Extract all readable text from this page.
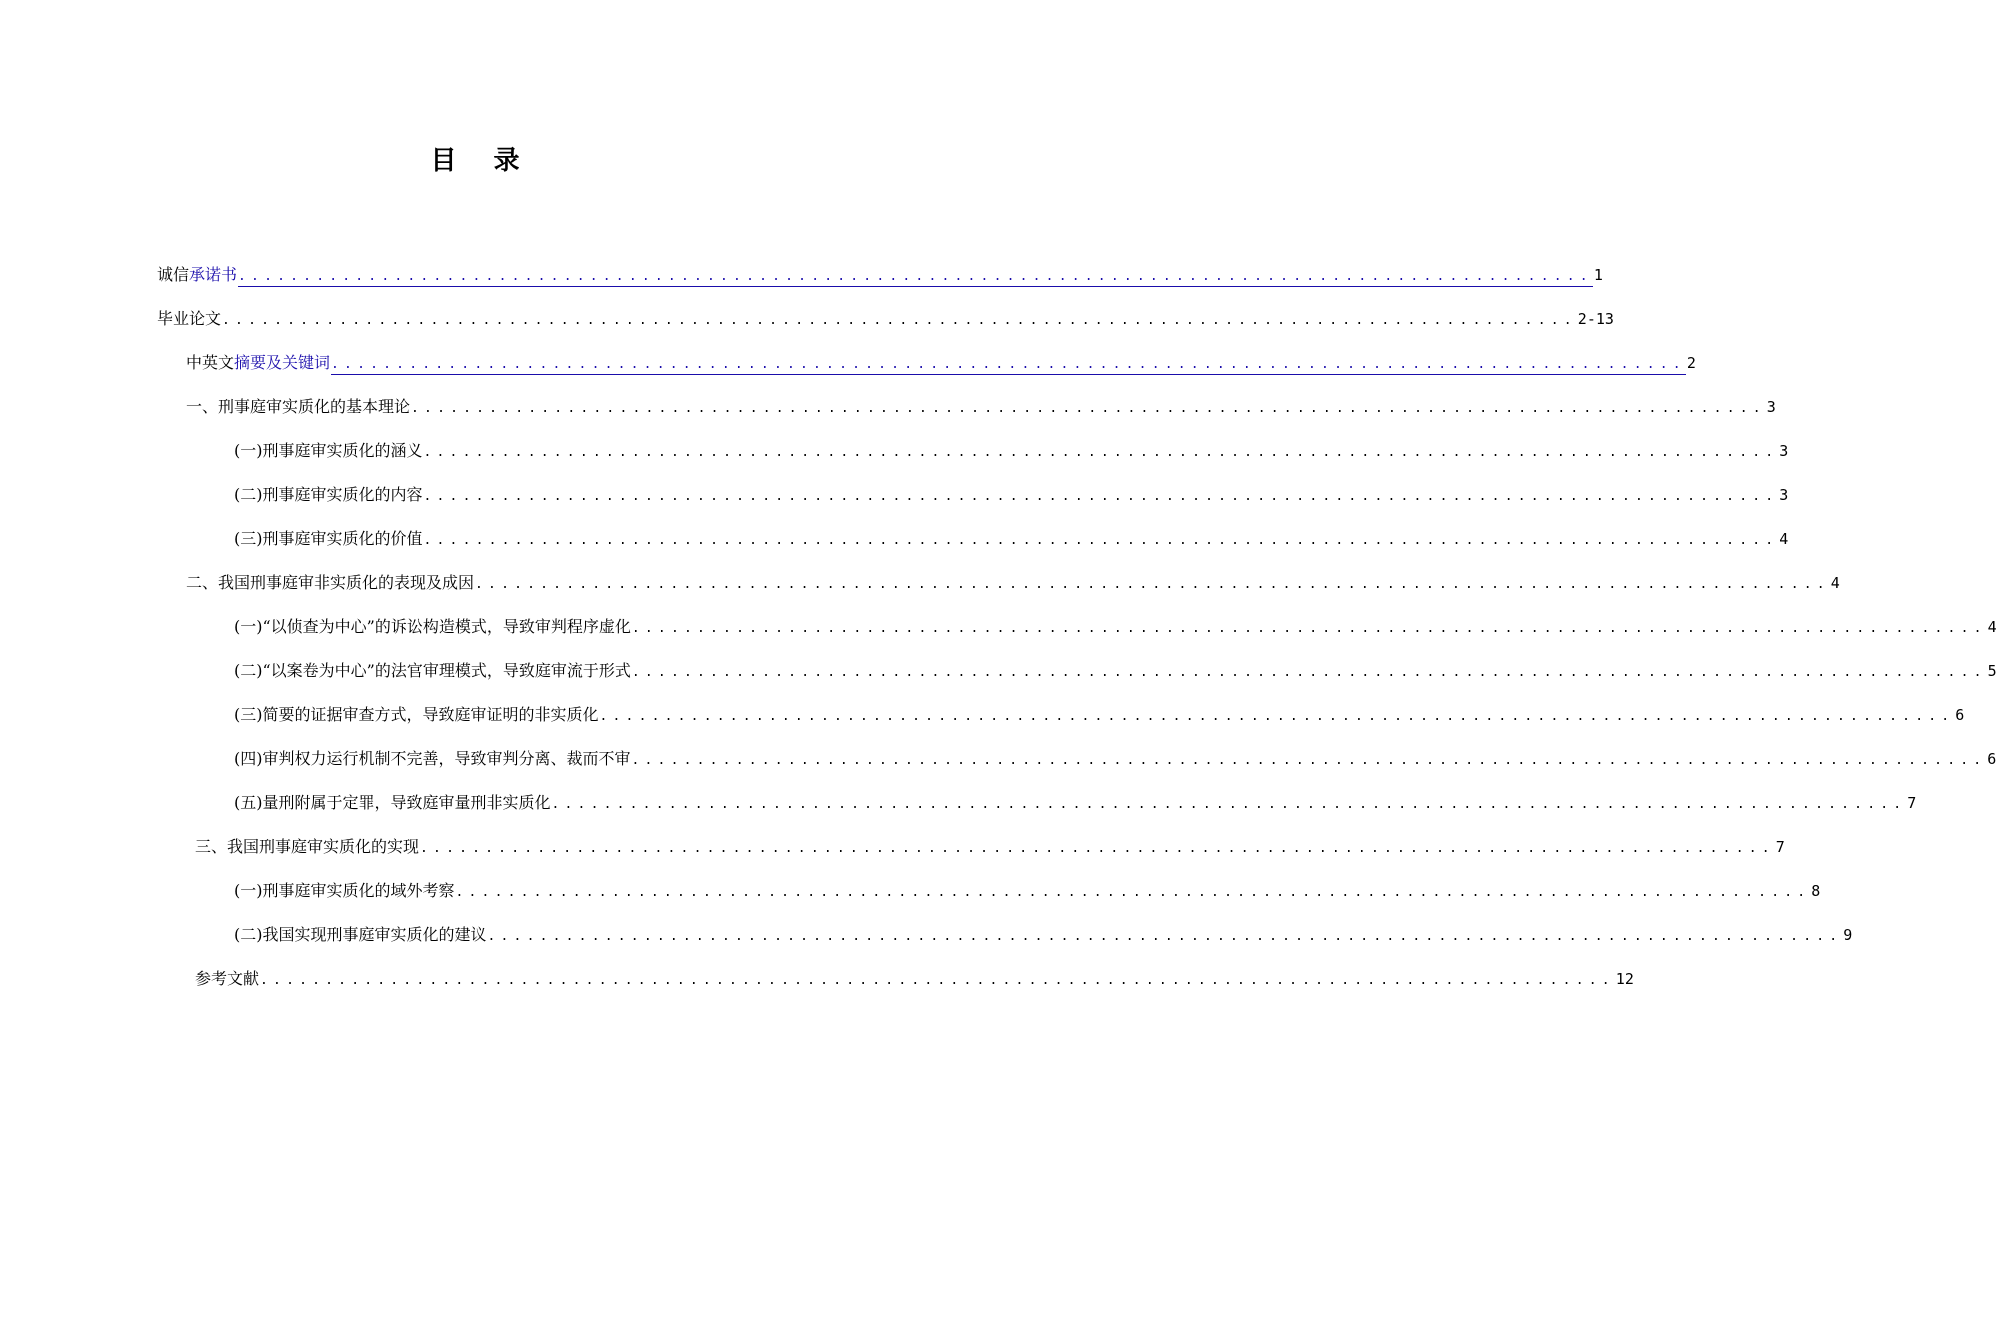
目 录
诚信 承诺书 ........................................................................................................ 1
毕业论文 ........................................................................................................ 2-13
中英文 摘要及关键词 ........................................................................................................ 2
一、刑事庭审实质化的基本理论 ........................................................................................................ 3
(一)刑事庭审实质化的涵义 ........................................................................................................ 3
(二)刑事庭审实质化的内容 ........................................................................................................ 3
(三)刑事庭审实质化的价值 ........................................................................................................ 4
二、我国刑事庭审非实质化的表现及成因 ........................................................................................................ 4
(一)“以侦查为中心”的诉讼构造模式，导致审判程序虚化 ........................................................................................................ 4
(二)“以案卷为中心”的法官审理模式，导致庭审流于形式 ........................................................................................................ 5
(三)简要的证据审查方式，导致庭审证明的非实质化 ........................................................................................................ 6
(四)审判权力运行机制不完善，导致审判分离、裁而不审 ........................................................................................................ 6
(五)量刑附属于定罪，导致庭审量刑非实质化 ........................................................................................................ 7
三、我国刑事庭审实质化的实现 ........................................................................................................ 7
(一)刑事庭审实质化的域外考察 ........................................................................................................ 8
(二)我国实现刑事庭审实质化的建议 ........................................................................................................ 9
参考文献 ........................................................................................................ 12
